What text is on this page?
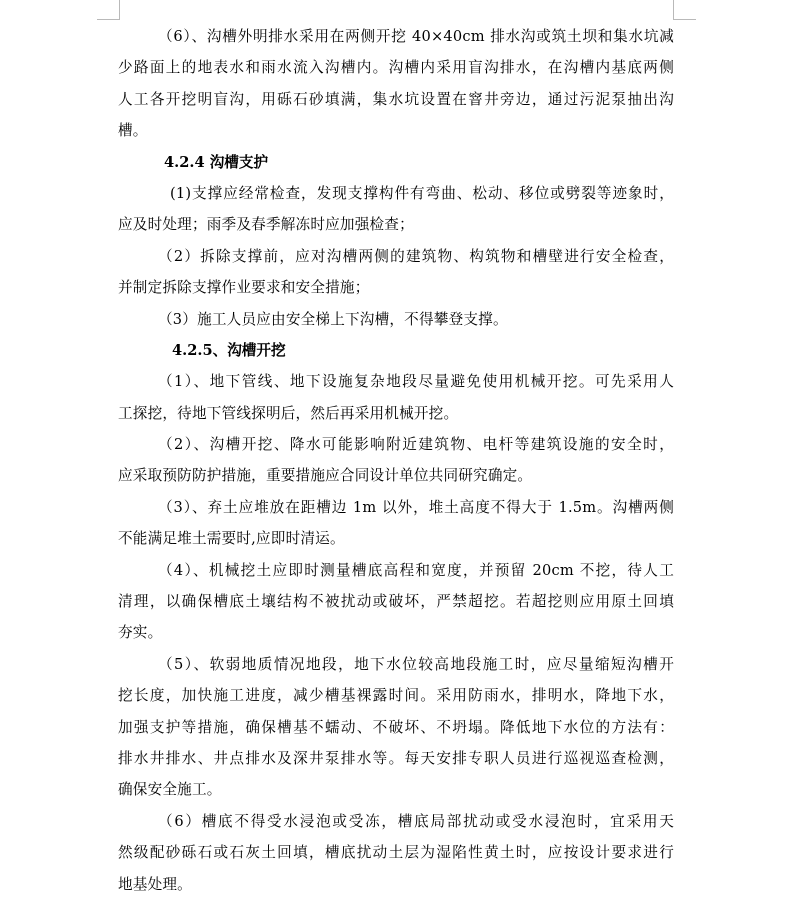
（6）、沟槽外明排水采用在两侧开挖 40×40cm 排水沟或筑土坝和集水坑减
少路面上的地表水和雨水流入沟槽内。沟槽内采用盲沟排水，在沟槽内基底两侧
人工各开挖明盲沟，用砾石砂填满，集水坑设置在窨井旁边，通过污泥泵抽出沟
槽。
4.2.4 沟槽支护
(1)支撑应经常检查，发现支撑构件有弯曲、松动、移位或劈裂等迹象时，
应及时处理；雨季及春季解冻时应加强检查；
（2）拆除支撑前，应对沟槽两侧的建筑物、构筑物和槽壁进行安全检查，
并制定拆除支撑作业要求和安全措施；
（3）施工人员应由安全梯上下沟槽，不得攀登支撑。
4.2.5、沟槽开挖
（1）、地下管线、地下设施复杂地段尽量避免使用机械开挖。可先采用人
工探挖，待地下管线探明后，然后再采用机械开挖。
（2）、沟槽开挖、降水可能影响附近建筑物、电杆等建筑设施的安全时，
应采取预防防护措施，重要措施应合同设计单位共同研究确定。
（3）、弃土应堆放在距槽边 1m 以外，堆土高度不得大于 1.5m。沟槽两侧
不能满足堆土需要时,应即时清运。
（4）、机械挖土应即时测量槽底高程和宽度，并预留 20cm 不挖，待人工
清理，以确保槽底土壤结构不被扰动或破坏，严禁超挖。若超挖则应用原土回填
夯实。
（5）、软弱地质情况地段，地下水位较高地段施工时，应尽量缩短沟槽开
挖长度，加快施工进度，减少槽基裸露时间。采用防雨水，排明水，降地下水，
加强支护等措施，确保槽基不蠕动、不破坏、不坍塌。降低地下水位的方法有：
排水井排水、井点排水及深井泵排水等。每天安排专职人员进行巡视巡查检测，
确保安全施工。
（6）槽底不得受水浸泡或受冻，槽底局部扰动或受水浸泡时，宜采用天
然级配砂砾石或石灰土回填，槽底扰动土层为湿陷性黄土时，应按设计要求进行
地基处理。
